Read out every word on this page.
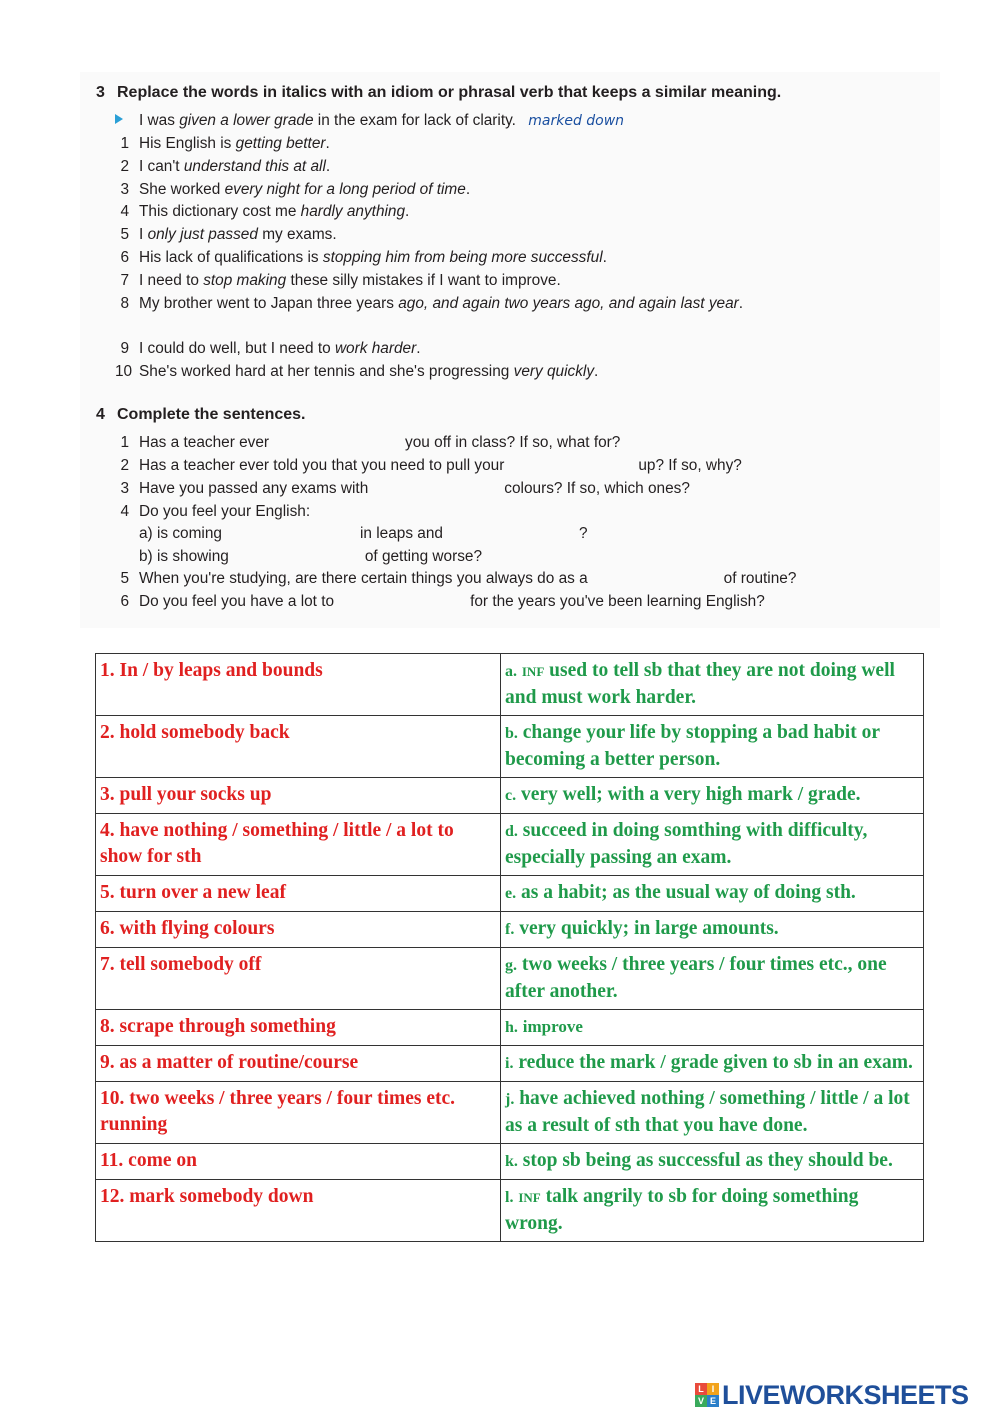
3 Replace the words in italics with an idiom or phrasal verb that keeps a similar meaning.
I was given a lower grade in the exam for lack of clarity. marked down
1 His English is getting better.
2 I can't understand this at all.
3 She worked every night for a long period of time.
4 This dictionary cost me hardly anything.
5 I only just passed my exams.
6 His lack of qualifications is stopping him from being more successful.
7 I need to stop making these silly mistakes if I want to improve.
8 My brother went to Japan three years ago, and again two years ago, and again last year.
9 I could do well, but I need to work harder.
10 She's worked hard at her tennis and she's progressing very quickly.
4 Complete the sentences.
1 Has a teacher ever	you off in class? If so, what for?
2 Has a teacher ever told you that you need to pull your	up? If so, why?
3 Have you passed any exams with	colours? If so, which ones?
4 Do you feel your English:
a) is coming	in leaps and	?
b) is showing	of getting worse?
5 When you're studying, are there certain things you always do as a	of routine?
6 Do you feel you have a lot to	for the years you've been learning English?
1. In / by leaps and bounds	a. INF used to tell sb that they are not doing well and must work harder.
2. hold somebody back	b. change your life by stopping a bad habit or becoming a better person.
3. pull your socks up	c. very well; with a very high mark / grade.
4. have nothing / something / little / a lot to show for sth	d. succeed in doing somthing with difficulty, especially passing an exam.
5. turn over a new leaf	e. as a habit; as the usual way of doing sth.
6. with flying colours	f. very quickly; in large amounts.
7. tell somebody off	g. two weeks / three years / four times etc., one after another.
8. scrape through something	h. improve
9. as a matter of routine/course	i. reduce the mark / grade given to sb in an exam.
10. two weeks / three years / four times etc. running	j. have achieved nothing / something / little / a lot as a result of sth that you have done.
11. come on	k. stop sb being as successful as they should be.
12. mark somebody down	l. INF talk angrily to sb for doing something wrong.
L I
V E LIVEWORKSHEETS
